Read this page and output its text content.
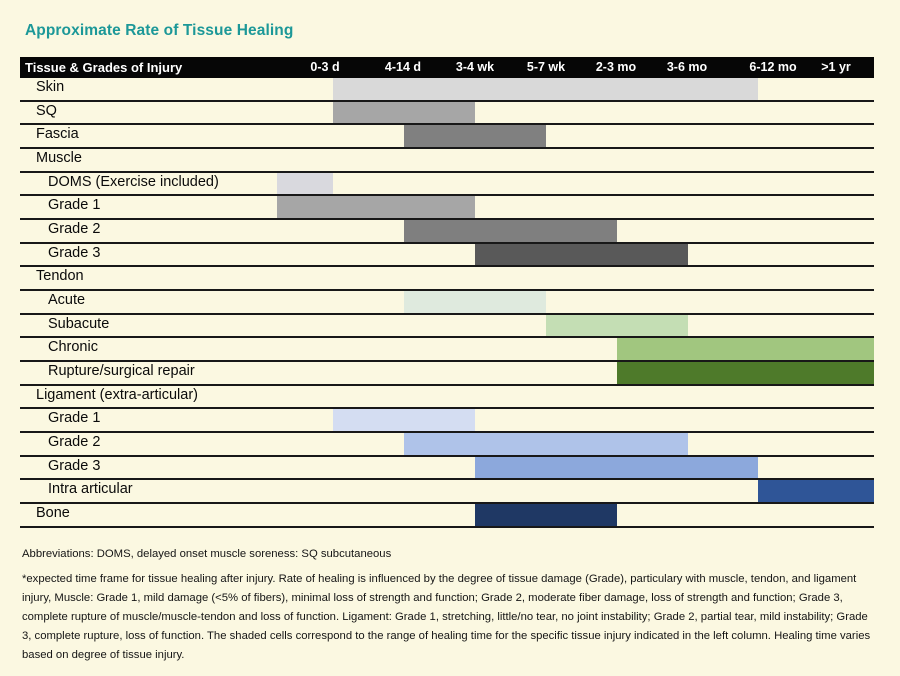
Approximate Rate of Tissue Healing
Tissue & Grades of Injury	0-3 d	4-14 d	3-4 wk	5-7 wk	2-3 mo	3-6 mo	6-12 mo	>1 yr
Skin
SQ
Fascia
Muscle
DOMS (Exercise included)
Grade 1
Grade 2
Grade 3
Tendon
Acute
Subacute
Chronic
Rupture/surgical repair
Ligament (extra-articular)
Grade 1
Grade 2
Grade 3
Intra articular
Bone
Abbreviations: DOMS, delayed onset muscle soreness: SQ subcutaneous
*expected time frame for tissue healing after injury. Rate of healing is influenced by the degree of tissue damage (Grade), particulary with muscle, tendon, and ligament injury, Muscle: Grade 1, mild damage (<5% of fibers), minimal loss of strength and function; Grade 2, moderate fiber damage, loss of strength and function; Grade 3, complete rupture of muscle/muscle-tendon and loss of function. Ligament: Grade 1, stretching, little/no tear, no joint instability; Grade 2, partial tear, mild instability; Grade 3, complete rupture, loss of function. The shaded cells correspond to the range of healing time for the specific tissue injury indicated in the left column. Healing time varies based on degree of tissue injury.
